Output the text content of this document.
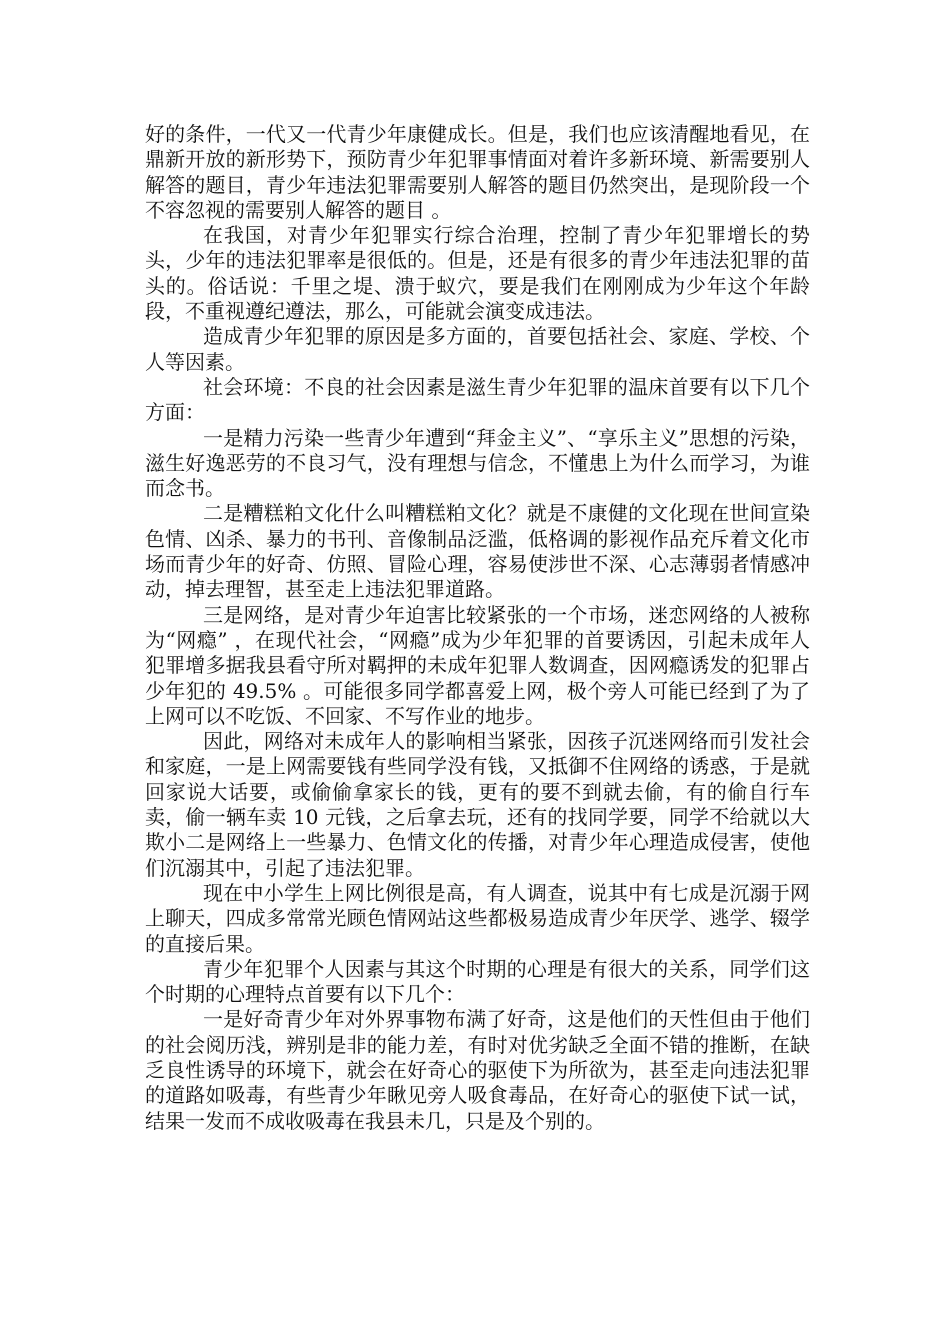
好的条件，一代又一代青少年康健成长。但是，我们也应该清醒地看见，在鼎新开放的新形势下，预防青少年犯罪事情面对着许多新环境、新需要别人解答的题目，青少年违法犯罪需要别人解答的题目仍然突出，是现阶段一个不容忽视的需要别人解答的题目 。

在我国，对青少年犯罪实行综合治理，控制了青少年犯罪增长的势头，少年的违法犯罪率是很低的。但是，还是有很多的青少年违法犯罪的苗头的。俗话说：千里之堤、溃于蚁穴，要是我们在刚刚成为少年这个年龄段，不重视遵纪遵法，那么，可能就会演变成违法。

造成青少年犯罪的原因是多方面的，首要包括社会、家庭、学校、个人等因素。

社会环境：不良的社会因素是滋生青少年犯罪的温床首要有以下几个方面：

一是精力污染一些青少年遭到“拜金主义”、“享乐主义”思想的污染，滋生好逸恶劳的不良习气，没有理想与信念，不懂患上为什么而学习，为谁而念书。

二是糟糕粕文化什么叫糟糕粕文化？就是不康健的文化现在世间宣染色情、凶杀、暴力的书刊、音像制品泛滥，低格调的影视作品充斥着文化市场而青少年的好奇、仿照、冒险心理，容易使涉世不深、心志薄弱者情感冲动，掉去理智，甚至走上违法犯罪道路。

三是网络，是对青少年迫害比较紧张的一个市场，迷恋网络的人被称为“网瘾” ，在现代社会，“网瘾”成为少年犯罪的首要诱因，引起未成年人犯罪增多据我县看守所对羁押的未成年犯罪人数调查，因网瘾诱发的犯罪占少年犯的 49.5% 。可能很多同学都喜爱上网，极个旁人可能已经到了为了上网可以不吃饭、不回家、不写作业的地步。

因此，网络对未成年人的影响相当紧张，因孩子沉迷网络而引发社会和家庭，一是上网需要钱有些同学没有钱，又抵御不住网络的诱惑，于是就回家说大话要，或偷偷拿家长的钱，更有的要不到就去偷，有的偷自行车卖，偷一辆车卖 10 元钱，之后拿去玩，还有的找同学要，同学不给就以大欺小二是网络上一些暴力、色情文化的传播，对青少年心理造成侵害，使他们沉溺其中，引起了违法犯罪。

现在中小学生上网比例很是高，有人调查，说其中有七成是沉溺于网上聊天，四成多常常光顾色情网站这些都极易造成青少年厌学、逃学、辍学的直接后果。

青少年犯罪个人因素与其这个时期的心理是有很大的关系，同学们这个时期的心理特点首要有以下几个：

一是好奇青少年对外界事物布满了好奇，这是他们的天性但由于他们的社会阅历浅，辨别是非的能力差，有时对优劣缺乏全面不错的推断，在缺乏良性诱导的环境下，就会在好奇心的驱使下为所欲为，甚至走向违法犯罪的道路如吸毒，有些青少年瞅见旁人吸食毒品，在好奇心的驱使下试一试，结果一发而不成收吸毒在我县未几，只是及个别的。
